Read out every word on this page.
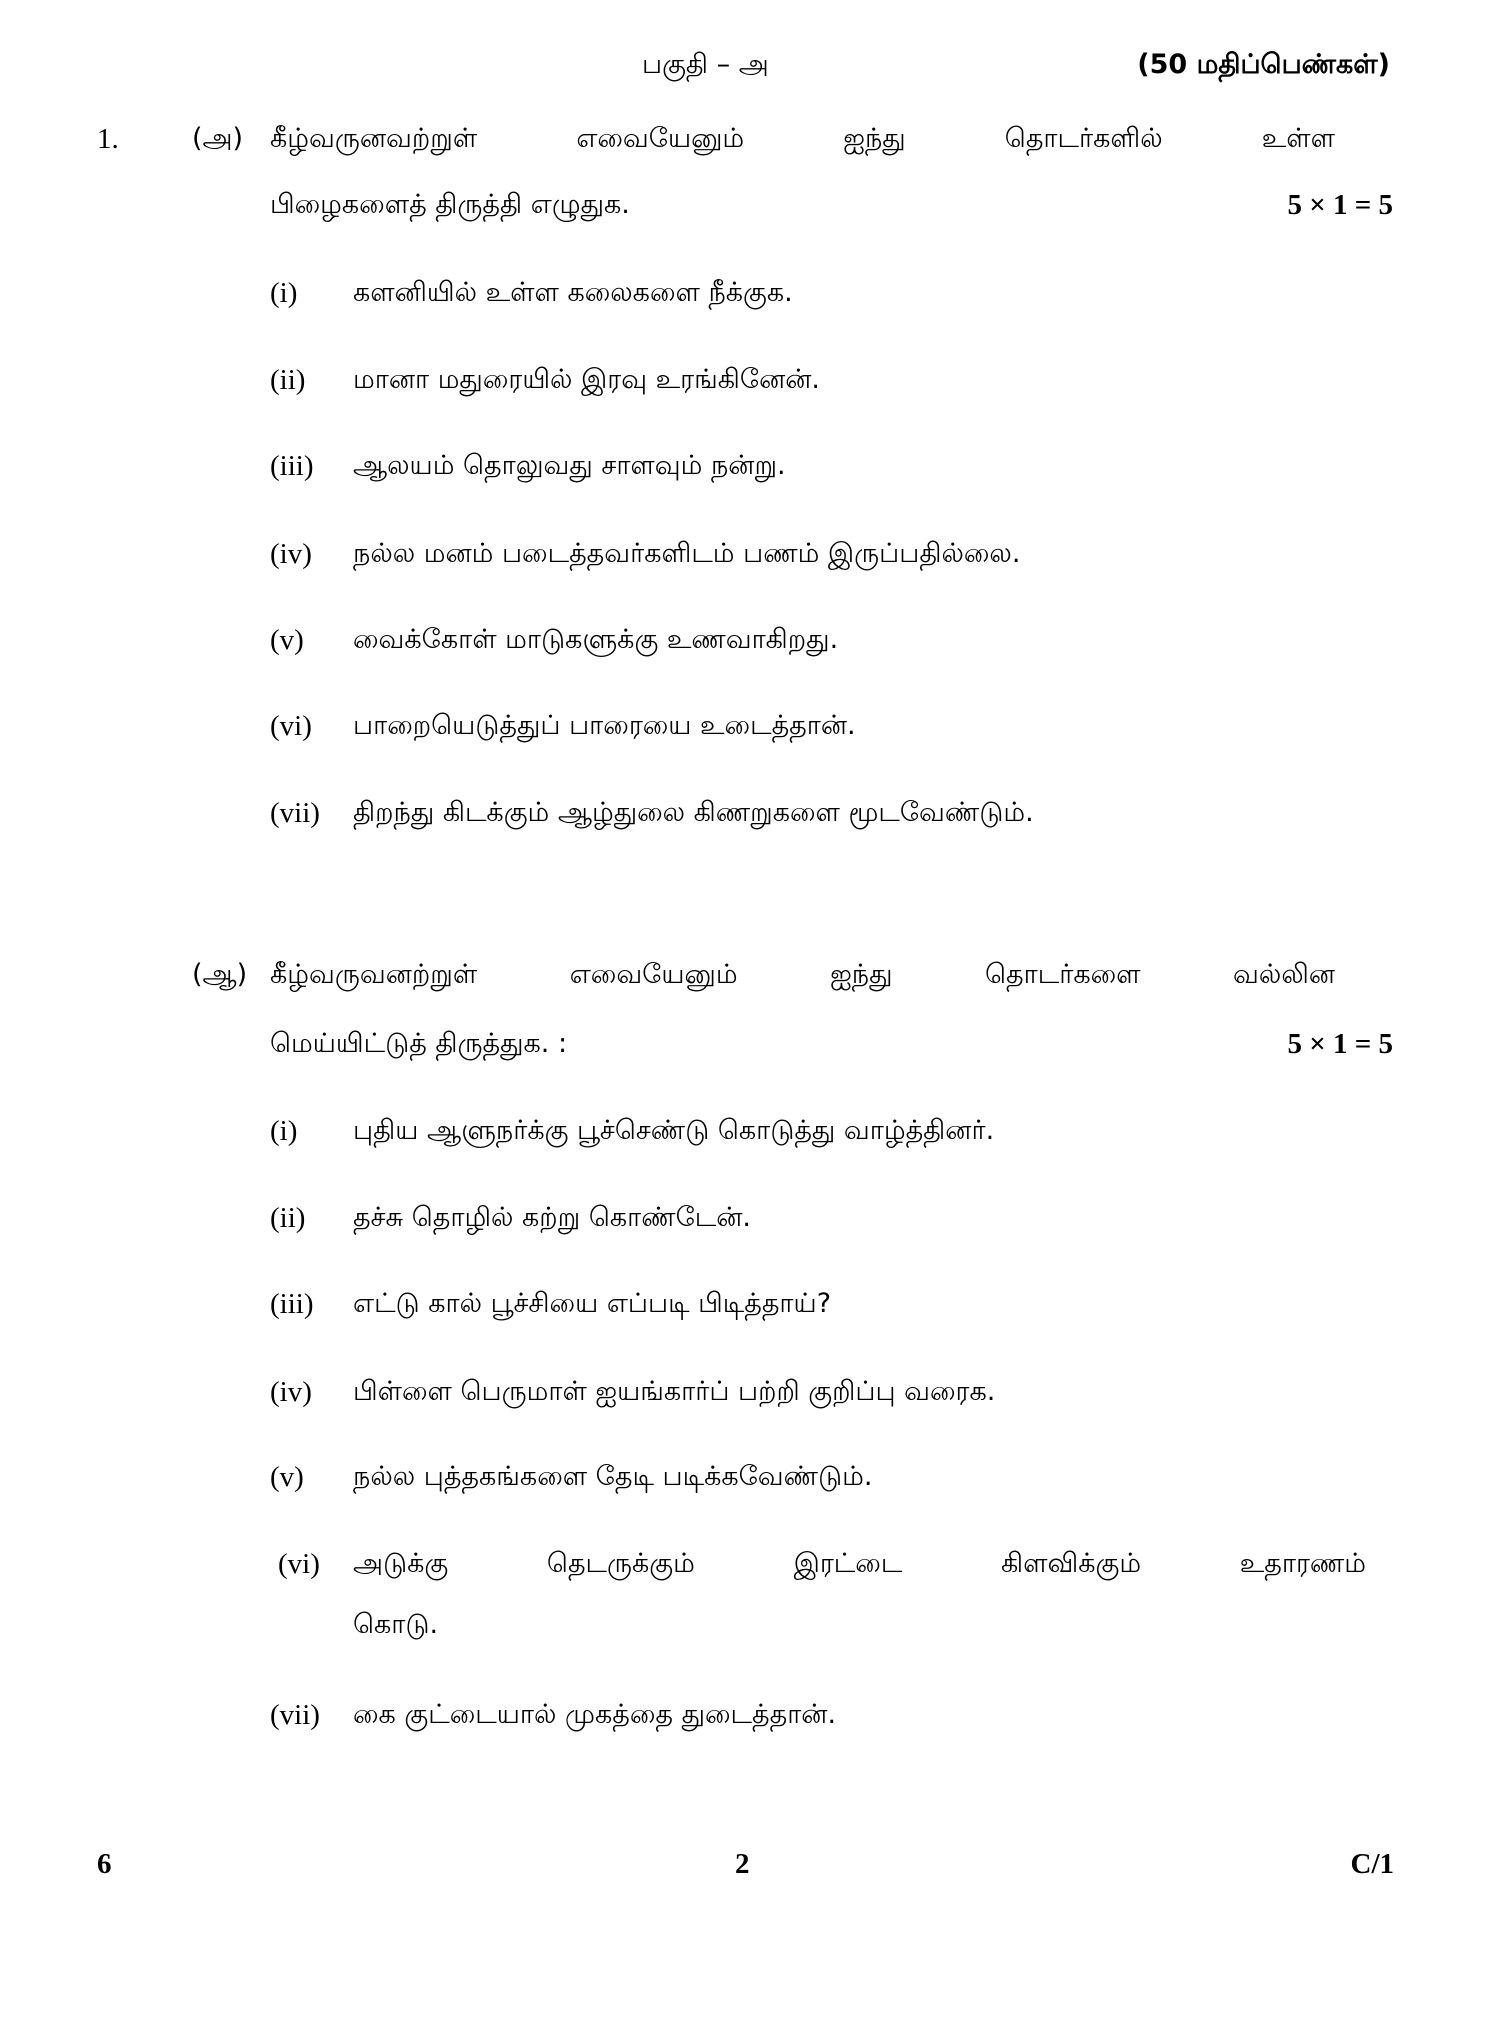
பகுதி – அ	(50 மதிப்பெண்கள்)
1.	(அ) கீழ்வருனவற்றுள் எவையேனும் ஐந்து தொடர்களில் உள்ள
பிழைகளைத் திருத்தி எழுதுக.	5 × 1 = 5
(i) களனியில் உள்ள கலைகளை நீக்குக.
(ii) மானா மதுரையில் இரவு உரங்கினேன்.
(iii) ஆலயம் தொலுவது சாளவும் நன்று.
(iv) நல்ல மனம் படைத்தவர்களிடம் பணம் இருப்பதில்லை.
(v) வைக்கோள் மாடுகளுக்கு உணவாகிறது.
(vi) பாறையெடுத்துப் பாரையை உடைத்தான்.
(vii) திறந்து கிடக்கும் ஆழ்துலை கிணறுகளை மூடவேண்டும்.
(ஆ) கீழ்வருவனற்றுள் எவையேனும் ஐந்து தொடர்களை வல்லின
மெய்யிட்டுத் திருத்துக. :	5 × 1 = 5
(i) புதிய ஆளுநர்க்கு பூச்செண்டு கொடுத்து வாழ்த்தினர்.
(ii) தச்சு தொழில் கற்று கொண்டேன்.
(iii) எட்டு கால் பூச்சியை எப்படி பிடித்தாய்?
(iv) பிள்ளை பெருமாள் ஐயங்கார்ப் பற்றி குறிப்பு வரைக.
(v) நல்ல புத்தகங்களை தேடி படிக்கவேண்டும்.
(vi) அடுக்கு தெடருக்கும் இரட்டை கிளவிக்கும் உதாரணம்
கொடு.
(vii) கை குட்டையால் முகத்தை துடைத்தான்.
6	2	C/1
